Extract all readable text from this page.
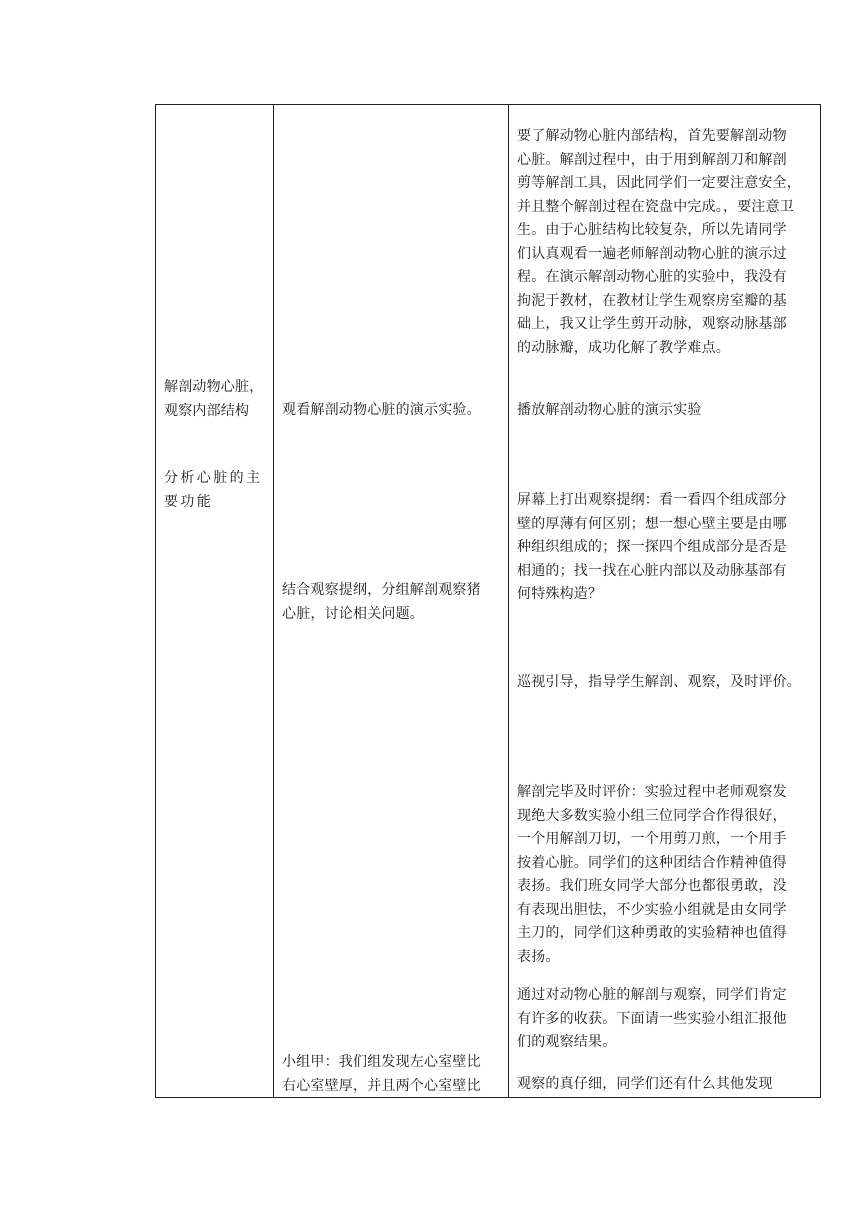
解剖动物心脏，
观察内部结构
分析心脏的主
要功能
观看解剖动物心脏的演示实验。
结合观察提纲，分组解剖观察猪
心脏，讨论相关问题。
小组甲：我们组发现左心室壁比
右心室壁厚，并且两个心室壁比
要了解动物心脏内部结构，首先要解剖动物
心脏。解剖过程中，由于用到解剖刀和解剖
剪等解剖工具，因此同学们一定要注意安全，
并且整个解剖过程在瓷盘中完成。，要注意卫
生。由于心脏结构比较复杂，所以先请同学
们认真观看一遍老师解剖动物心脏的演示过
程。在演示解剖动物心脏的实验中，我没有
拘泥于教材，在教材让学生观察房室瓣的基
础上，我又让学生剪开动脉，观察动脉基部
的动脉瓣，成功化解了教学难点。
播放解剖动物心脏的演示实验
屏幕上打出观察提纲：看一看四个组成部分
壁的厚薄有何区别；想一想心壁主要是由哪
种组织组成的；探一探四个组成部分是否是
相通的；找一找在心脏内部以及动脉基部有
何特殊构造？
巡视引导，指导学生解剖、观察，及时评价。
解剖完毕及时评价：实验过程中老师观察发
现绝大多数实验小组三位同学合作得很好，
一个用解剖刀切，一个用剪刀煎，一个用手
按着心脏。同学们的这种团结合作精神值得
表扬。我们班女同学大部分也都很勇敢，没
有表现出胆怯，不少实验小组就是由女同学
主刀的，同学们这种勇敢的实验精神也值得
表扬。
通过对动物心脏的解剖与观察，同学们肯定
有许多的收获。下面请一些实验小组汇报他
们的观察结果。
观察的真仔细，同学们还有什么其他发现
